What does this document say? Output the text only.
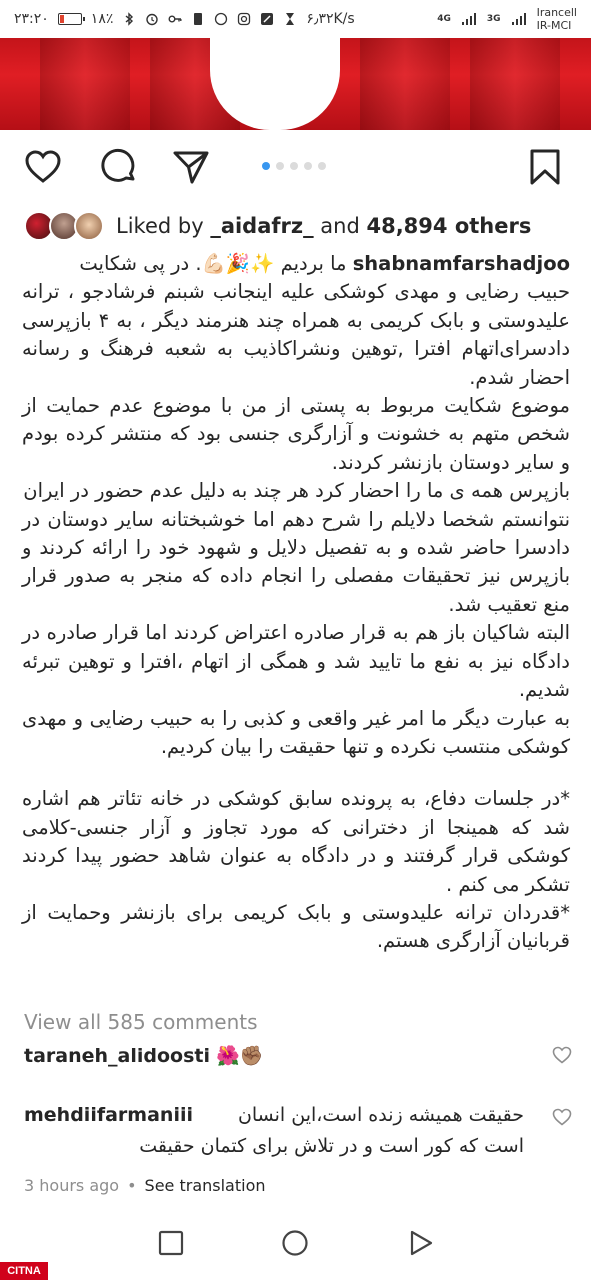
۲۳:۲۰	۱۸٪	۶٫۳۲K/s	4G	3G	Irancell
IR-MCI
Liked by _aidafrz_ and 48,894 others

shabnamfarshadjoo ما بردیم ✨🎉💪🏻. در پی شکایت

حبیب رضایی و مهدی کوشکی علیه اینجانب شبنم فرشادجو ، ترانه علیدوستی و بابک کریمی به همراه چند هنرمند دیگر ، به ۴ بازپرسی دادسرای‌اتهام افترا ,توهین ونشراکاذیب به شعبه فرهنگ و رسانه احضار شدم.

موضوع شکایت مربوط به پستی از من با موضوع عدم حمایت از شخص متهم به خشونت و آزارگری جنسی بود که منتشر کرده بودم و سایر دوستان بازنشر کردند.

بازپرس همه ی ما را احضار کرد هر چند به دلیل عدم حضور در ایران

نتوانستم شخصا دلایلم را شرح دهم اما خوشبختانه سایر دوستان در دادسرا حاضر شده و به تفصیل دلایل و شهود خود را ارائه کردند و بازپرس نیز تحقیقات مفصلی را انجام داده که منجر به صدور قرار منع تعقیب شد.

البته شاکیان باز هم به قرار صادره اعتراض کردند اما قرار صادره در دادگاه نیز به نفع ما تایید شد و همگی از اتهام ،افترا و توهین تبرئه شدیم.

به عبارت دیگر ما امر غیر واقعی و کذبی را به حبیب رضایی و مهدی کوشکی منتسب نکرده و تنها حقیقت را بیان کردیم.

*در جلسات دفاع، به پرونده سابق کوشکی در خانه تئاتر هم اشاره شد که همینجا از دخترانی که مورد تجاوز و آزار جنسی-کلامی کوشکی قرار گرفتند و در دادگاه به عنوان شاهد حضور پیدا کردند تشکر می کنم .

*قدردان ترانه علیدوستی و بابک کریمی برای بازنشر وحمایت از قربانیان آزارگری هستم.

View all 585 comments
taraneh_alidoosti 🌺✊🏽
mehdiifarmaniii	حقیقت همیشه زنده است،این انسان
است که کور است و در تلاش برای کتمان حقیقت
3 hours ago • See translation
CITNA
